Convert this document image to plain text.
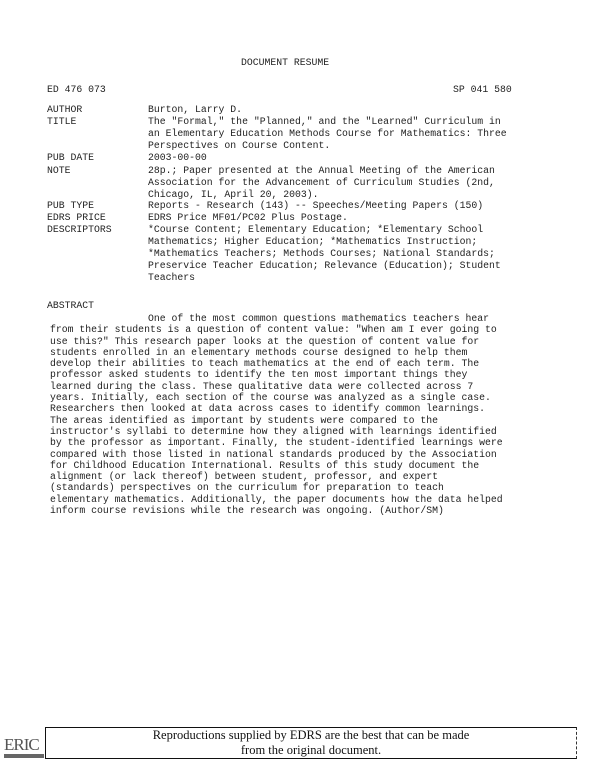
DOCUMENT RESUME
ED 476 073	SP 041 580
AUTHOR	Burton, Larry D.
TITLE	The "Formal," the "Planned," and the "Learned" Curriculum in
an Elementary Education Methods Course for Mathematics: Three
Perspectives on Course Content.
PUB DATE	2003-00-00
NOTE	28p.; Paper presented at the Annual Meeting of the American
Association for the Advancement of Curriculum Studies (2nd,
Chicago, IL, April 20, 2003).
PUB TYPE	Reports - Research (143) -- Speeches/Meeting Papers (150)
EDRS PRICE	EDRS Price MF01/PC02 Plus Postage.
DESCRIPTORS	*Course Content; Elementary Education; *Elementary School
Mathematics; Higher Education; *Mathematics Instruction;
*Mathematics Teachers; Methods Courses; National Standards;
Preservice Teacher Education; Relevance (Education); Student
Teachers
ABSTRACT
One of the most common questions mathematics teachers hear
from their students is a question of content value: "When am I ever going to
use this?" This research paper looks at the question of content value for
students enrolled in an elementary methods course designed to help them
develop their abilities to teach mathematics at the end of each term. The
professor asked students to identify the ten most important things they
learned during the class. These qualitative data were collected across 7
years. Initially, each section of the course was analyzed as a single case.
Researchers then looked at data across cases to identify common learnings.
The areas identified as important by students were compared to the
instructor's syllabi to determine how they aligned with learnings identified
by the professor as important. Finally, the student-identified learnings were
compared with those listed in national standards produced by the Association
for Childhood Education International. Results of this study document the
alignment (or lack thereof) between student, professor, and expert
(standards) perspectives on the curriculum for preparation to teach
elementary mathematics. Additionally, the paper documents how the data helped
inform course revisions while the research was ongoing. (Author/SM)
Reproductions supplied by EDRS are the best that can be made
from the original document.
ERIC
